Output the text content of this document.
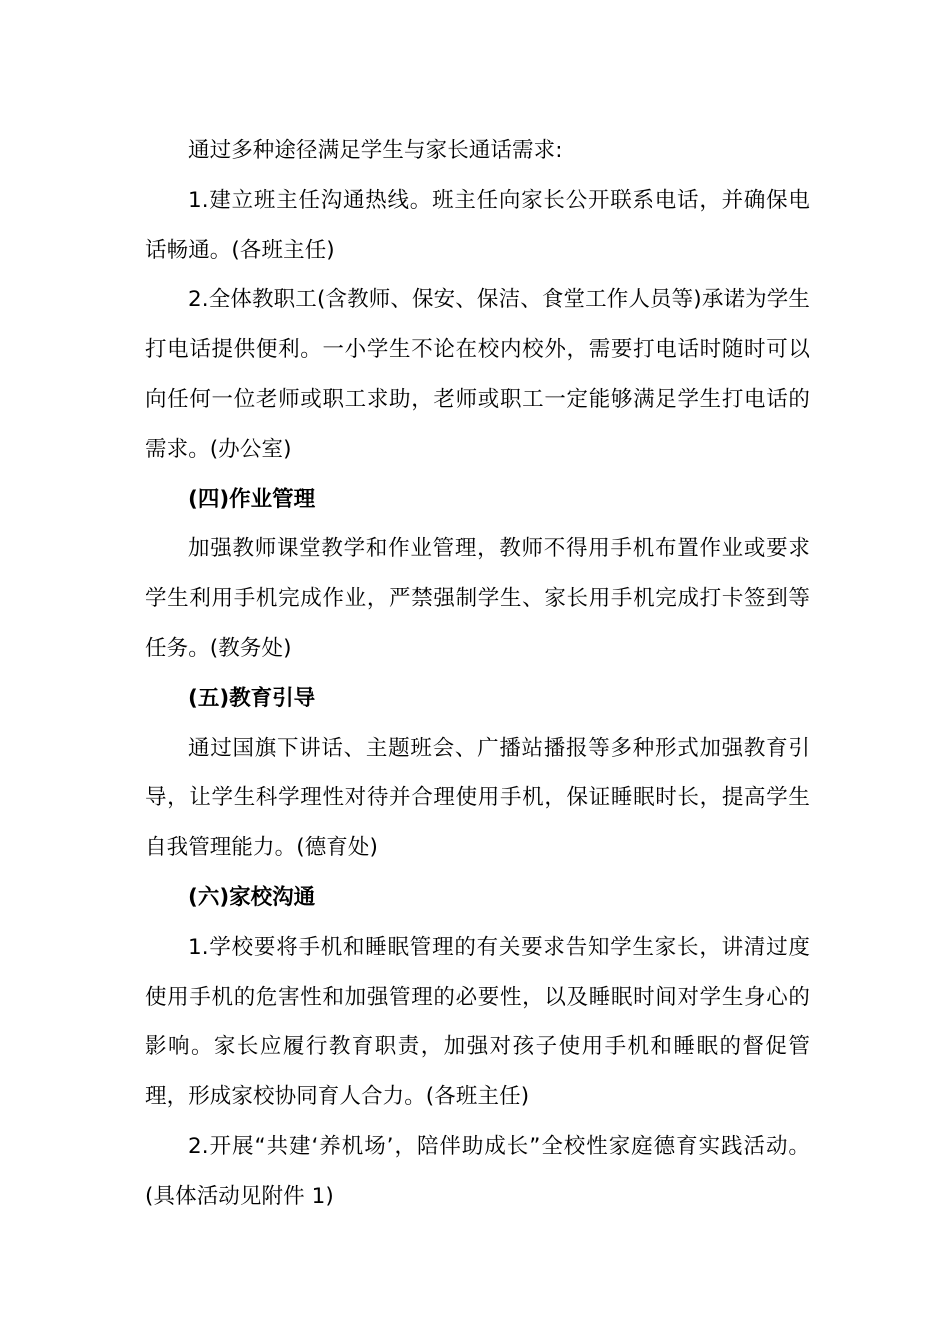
通过多种途径满足学生与家长通话需求:

1.建立班主任沟通热线。班主任向家长公开联系电话，并确保电话畅通。(各班主任)

2.全体教职工(含教师、保安、保洁、食堂工作人员等)承诺为学生打电话提供便利。一小学生不论在校内校外，需要打电话时随时可以向任何一位老师或职工求助，老师或职工一定能够满足学生打电话的需求。(办公室)

(四)作业管理

加强教师课堂教学和作业管理，教师不得用手机布置作业或要求学生利用手机完成作业，严禁强制学生、家长用手机完成打卡签到等任务。(教务处)

(五)教育引导

通过国旗下讲话、主题班会、广播站播报等多种形式加强教育引导，让学生科学理性对待并合理使用手机，保证睡眠时长，提高学生自我管理能力。(德育处)

(六)家校沟通

1.学校要将手机和睡眠管理的有关要求告知学生家长，讲清过度使用手机的危害性和加强管理的必要性，以及睡眠时间对学生身心的影响。家长应履行教育职责，加强对孩子使用手机和睡眠的督促管理，形成家校协同育人合力。(各班主任)

2.开展“共建‘养机场’，陪伴助成长”全校性家庭德育实践活动。(具体活动见附件 1)
